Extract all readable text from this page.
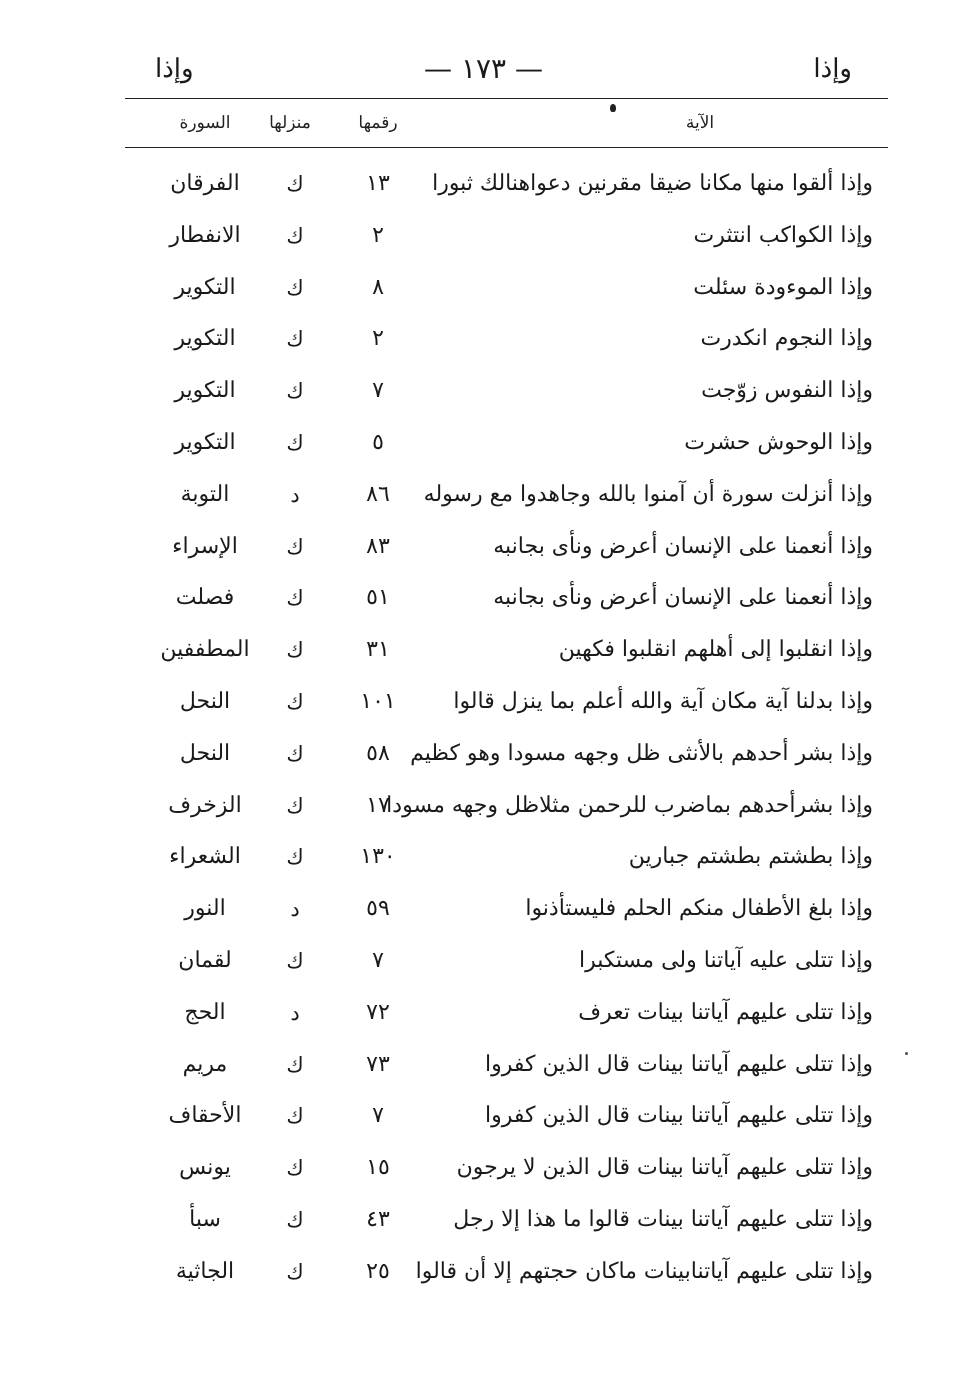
وإذا
— ١٧٣ —
وإذا
الآية
رقمها
منزلها
السورة
وإذا ألقوا منها مكانا ضيقا مقرنين دعواهنالك ثبورا
١٣
ك
الفرقان
وإذا الكواكب انتثرت
٢
ك
الانفطار
وإذا الموءودة سئلت
٨
ك
التكوير
وإذا النجوم انكدرت
٢
ك
التكوير
وإذا النفوس زوّجت
٧
ك
التكوير
وإذا الوحوش حشرت
٥
ك
التكوير
وإذا أنزلت سورة أن آمنوا بالله وجاهدوا مع رسوله
٨٦
د
التوبة
وإذا أنعمنا على الإنسان أعرض ونأى بجانبه
٨٣
ك
الإسراء
وإذا أنعمنا على الإنسان أعرض ونأى بجانبه
٥١
ك
فصلت
وإذا انقلبوا إلى أهلهم انقلبوا فكهين
٣١
ك
المطففين
وإذا بدلنا آية مكان آية والله أعلم بما ينزل قالوا
١٠١
ك
النحل
وإذا بشر أحدهم بالأنثى ظل وجهه مسودا وهو كظيم
٥٨
ك
النحل
وإذا بشرأحدهم بماضرب للرحمن مثلاظل وجهه مسودا
١٧
ك
الزخرف
وإذا بطشتم بطشتم جبارين
١٣٠
ك
الشعراء
وإذا بلغ الأطفال منكم الحلم فليستأذنوا
٥٩
د
النور
وإذا تتلى عليه آياتنا ولى مستكبرا
٧
ك
لقمان
وإذا تتلى عليهم آياتنا بينات تعرف
٧٢
د
الحج
وإذا تتلى عليهم آياتنا بينات قال الذين كفروا
٧٣
ك
مريم
وإذا تتلى عليهم آياتنا بينات قال الذين كفروا
٧
ك
الأحقاف
وإذا تتلى عليهم آياتنا بينات قال الذين لا يرجون
١٥
ك
يونس
وإذا تتلى عليهم آياتنا بينات قالوا ما هذا إلا رجل
٤٣
ك
سبأ
وإذا تتلى عليهم آياتنابينات ماكان حجتهم إلا أن قالوا
٢٥
ك
الجاثية
